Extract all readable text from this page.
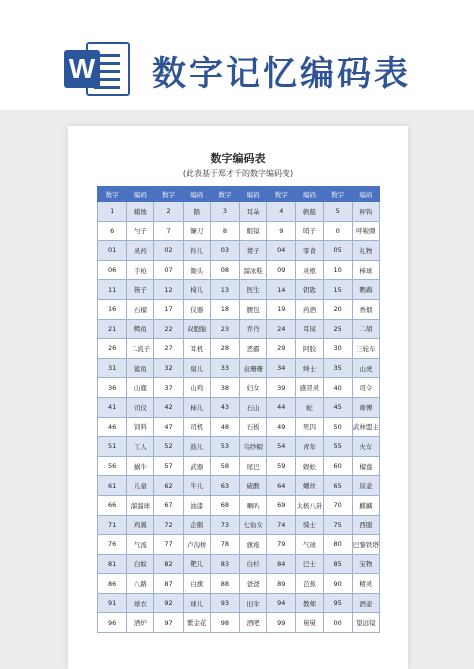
W 数字记忆编码表
数字编码表
(此表基于郑才千的数字编码变)
数字	编码	数字	编码	数字	编码	数字	编码	数字	编码
1	蜡烛	2	鹅	3	耳朵	4	帆船	5	秤钩
6	勺子	7	镰刀	8	眼镜	9	哨子	0	呼啦圈
01	灵药	02	铃儿	03	凳子	04	零食	05	礼物
06	手枪	07	锄头	08	溜冰鞋	09	灵柩	10	棒球
11	筷子	12	椅儿	13	医生	14	钥匙	15	鹦鹉
16	石榴	17	仪器	18	腰包	19	药酒	20	香烟
21	鳄鱼	22	双胞胎	23	乔丹	24	耳屎	25	二胡
26	二流子	27	耳机	28	恶霸	29	阿胶	30	三轮车
31	鲨鱼	32	扇儿	33	袁珊珊	34	绅士	35	山虎
36	山鹿	37	山鸡	38	妇女	39	感冒灵	40	司令
41	司仪	42	柿儿	43	石山	44	蛇	45	师傅
46	饲料	47	司机	48	石板	49	死囚	50	武林盟主
51	工人	52	鼓儿	53	乌纱帽	54	青年	55	火车
56	蜗牛	57	武器	58	尾巴	59	蜈蚣	60	榴莲
61	儿童	62	牛儿	63	硫酸	64	螺丝	65	尿壶
66	溜溜球	67	油漆	68	喇叭	69	太极八卦	70	麒麟
71	鸡翼	72	企鹅	73	七仙女	74	骑士	75	西服
76	气流	77	卢沟桥	78	旗袍	79	气球	80	巴黎铁塔
81	白蚁	82	靶儿	83	白杉	84	巴士	85	宝物
86	八路	87	白旗	88	爸爸	89	芭蕉	90	精灵
91	球衣	92	球儿	93	旧伞	94	教师	95	酒壶
96	酒炉	97	紫金花	98	酒吧	99	舅舅	00	望远镜
